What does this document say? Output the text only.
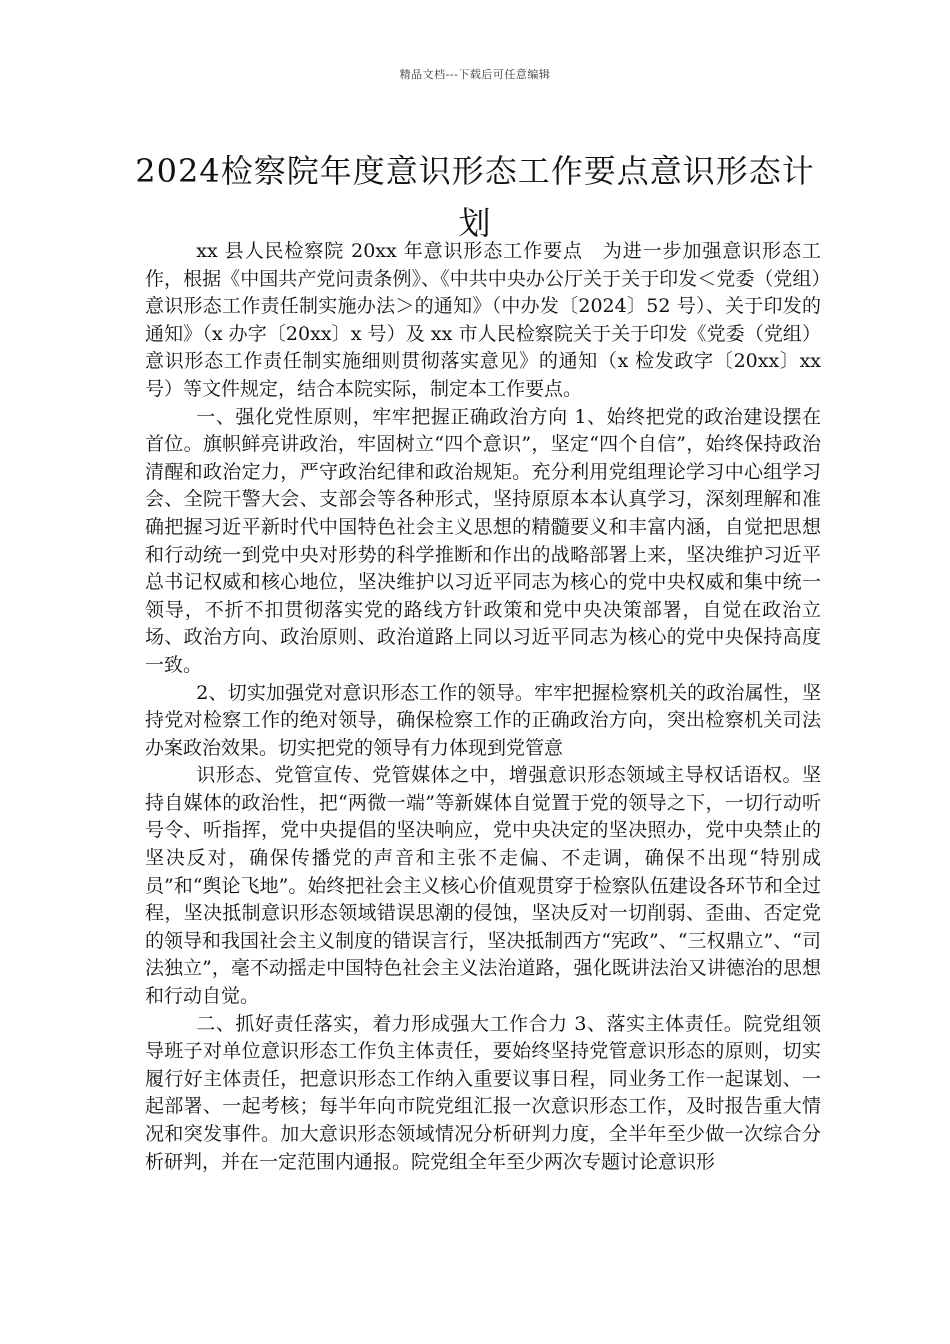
精品文档---下载后可任意编辑
2024检察院年度意识形态工作要点意识形态计划

xx 县人民检察院 20xx 年意识形态工作要点　为进一步加强意识形态工作，根据《中国共产党问责条例》、《中共中央办公厅关于关于印发＜党委（党组）意识形态工作责任制实施办法＞的通知》（中办发〔2024〕52 号）、关于印发的通知》（x 办字〔20xx〕x 号）及 xx 市人民检察院关于关于印发《党委（党组）意识形态工作责任制实施细则贯彻落实意见》的通知（x 检发政字〔20xx〕xx 号）等文件规定，结合本院实际，制定本工作要点。

一、强化党性原则，牢牢把握正确政治方向 1、始终把党的政治建设摆在首位。旗帜鲜亮讲政治，牢固树立“四个意识”，坚定“四个自信”，始终保持政治清醒和政治定力，严守政治纪律和政治规矩。充分利用党组理论学习中心组学习会、全院干警大会、支部会等各种形式，坚持原原本本认真学习，深刻理解和准确把握习近平新时代中国特色社会主义思想的精髓要义和丰富内涵，自觉把思想和行动统一到党中央对形势的科学推断和作出的战略部署上来，坚决维护习近平总书记权威和核心地位，坚决维护以习近平同志为核心的党中央权威和集中统一领导，不折不扣贯彻落实党的路线方针政策和党中央决策部署，自觉在政治立场、政治方向、政治原则、政治道路上同以习近平同志为核心的党中央保持高度一致。

2、切实加强党对意识形态工作的领导。牢牢把握检察机关的政治属性，坚持党对检察工作的绝对领导，确保检察工作的正确政治方向，突出检察机关司法办案政治效果。切实把党的领导有力体现到党管意

识形态、党管宣传、党管媒体之中，增强意识形态领域主导权话语权。坚持自媒体的政治性，把“两微一端”等新媒体自觉置于党的领导之下，一切行动听号令、听指挥，党中央提倡的坚决响应，党中央决定的坚决照办，党中央禁止的坚决反对，确保传播党的声音和主张不走偏、不走调，确保不出现“特别成员”和“舆论飞地”。始终把社会主义核心价值观贯穿于检察队伍建设各环节和全过程，坚决抵制意识形态领域错误思潮的侵蚀，坚决反对一切削弱、歪曲、否定党的领导和我国社会主义制度的错误言行，坚决抵制西方“宪政”、“三权鼎立”、“司法独立”，毫不动摇走中国特色社会主义法治道路，强化既讲法治又讲德治的思想和行动自觉。

二、抓好责任落实，着力形成强大工作合力 3、落实主体责任。院党组领导班子对单位意识形态工作负主体责任，要始终坚持党管意识形态的原则，切实履行好主体责任，把意识形态工作纳入重要议事日程，同业务工作一起谋划、一起部署、一起考核；每半年向市院党组汇报一次意识形态工作，及时报告重大情况和突发事件。加大意识形态领域情况分析研判力度，全半年至少做一次综合分析研判，并在一定范围内通报。院党组全年至少两次专题讨论意识形
